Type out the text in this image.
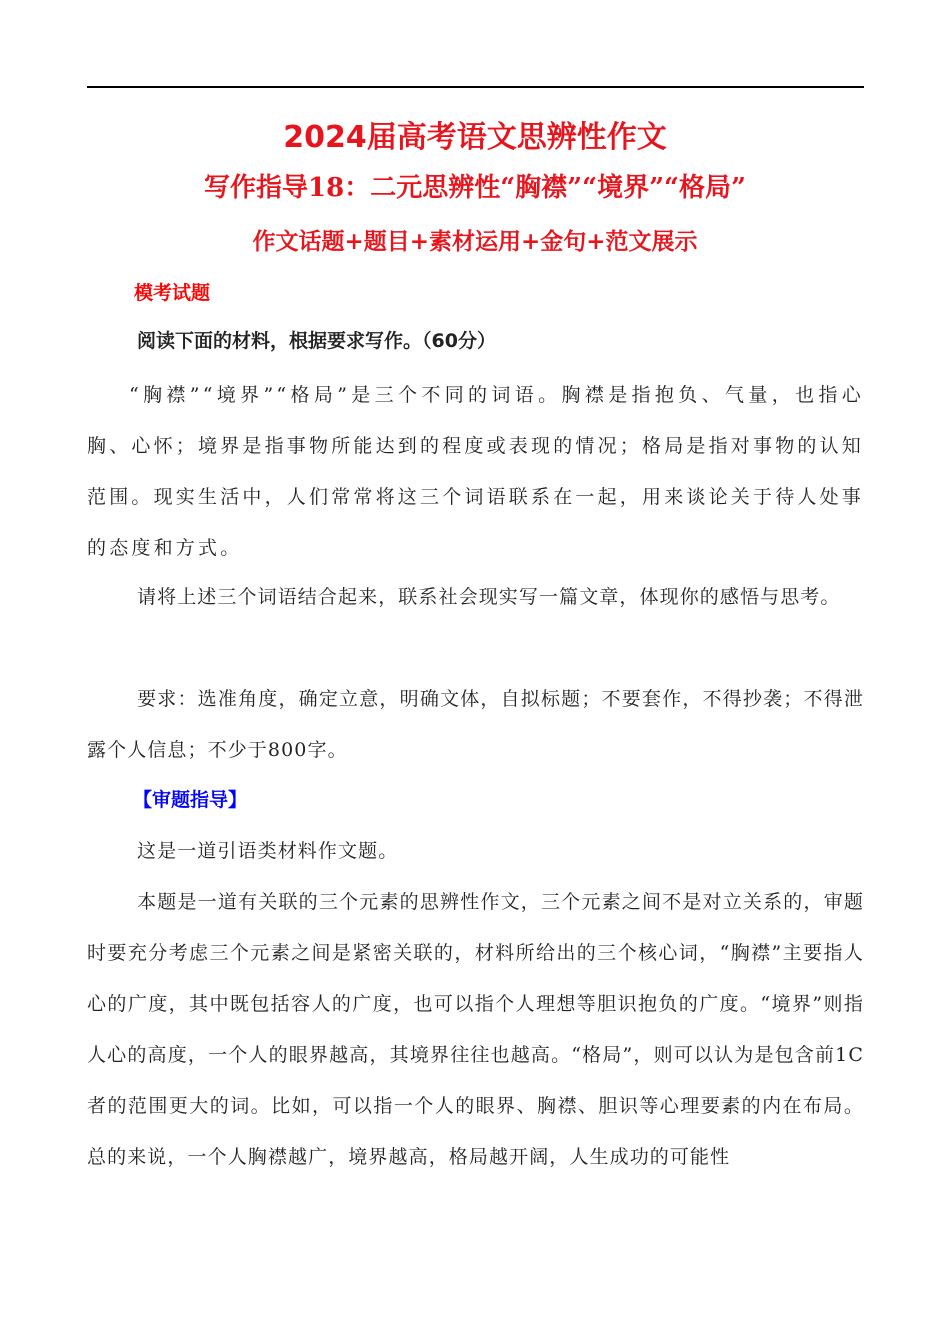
2024届高考语文思辨性作文
写作指导18：二元思辨性“胸襟”“境界”“格局”
作文话题+题目+素材运用+金句+范文展示
模考试题
阅读下面的材料，根据要求写作。（60分）
“胸襟”“境界”“格局”是三个不同的词语。胸襟是指抱负、气量，也指心胸、心怀；境界是指事物所能达到的程度或表现的情况；格局是指对事物的认知范围。现实生活中，人们常常将这三个词语联系在一起，用来谈论关于待人处事的态度和方式。
请将上述三个词语结合起来，联系社会现实写一篇文章，体现你的感悟与思考。
要求：选准角度，确定立意，明确文体，自拟标题；不要套作，不得抄袭；不得泄露个人信息；不少于800字。
【审题指导】
这是一道引语类材料作文题。
本题是一道有关联的三个元素的思辨性作文，三个元素之间不是对立关系的，审题时要充分考虑三个元素之间是紧密关联的，材料所给出的三个核心词，“胸襟”主要指人心的广度，其中既包括容人的广度，也可以指个人理想等胆识抱负的广度。“境界”则指人心的高度，一个人的眼界越高，其境界往往也越高。“格局”，则可以认为是包含前1C者的范围更大的词。比如，可以指一个人的眼界、胸襟、胆识等心理要素的内在布局。总的来说，一个人胸襟越广，境界越高，格局越开阔，人生成功的可能性
